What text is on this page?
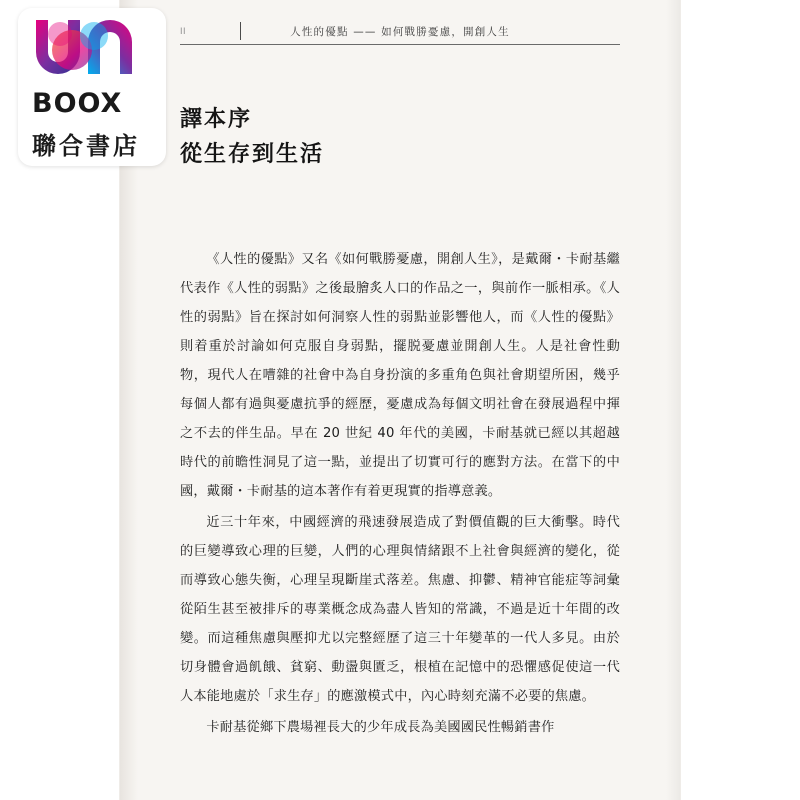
II	人性的優點 —— 如何戰勝憂慮，開創人生
譯本序
從生存到生活

《人性的優點》又名《如何戰勝憂慮，開創人生》，是戴爾・卡耐基繼代表作《人性的弱點》之後最膾炙人口的作品之一，與前作一脈相承。《人性的弱點》旨在探討如何洞察人性的弱點並影響他人，而《人性的優點》則着重於討論如何克服自身弱點，擺脱憂慮並開創人生。人是社會性動物，現代人在嘈雜的社會中為自身扮演的多重角色與社會期望所困，幾乎每個人都有過與憂慮抗爭的經歷，憂慮成為每個文明社會在發展過程中揮之不去的伴生品。早在 20 世紀 40 年代的美國，卡耐基就已經以其超越時代的前瞻性洞見了這一點，並提出了切實可行的應對方法。在當下的中國，戴爾・卡耐基的這本著作有着更現實的指導意義。

近三十年來，中國經濟的飛速發展造成了對價值觀的巨大衝擊。時代的巨變導致心理的巨變，人們的心理與情緒跟不上社會與經濟的變化，從而導致心態失衡，心理呈現斷崖式落差。焦慮、抑鬱、精神官能症等詞彙從陌生甚至被排斥的專業概念成為盡人皆知的常識，不過是近十年間的改變。而這種焦慮與壓抑尤以完整經歷了這三十年變革的一代人多見。由於切身體會過飢餓、貧窮、動盪與匱乏，根植在記憶中的恐懼感促使這一代人本能地處於「求生存」的應激模式中，內心時刻充滿不必要的焦慮。

卡耐基從鄉下農場裡長大的少年成長為美國國民性暢銷書作

BOOX
聯合書店
